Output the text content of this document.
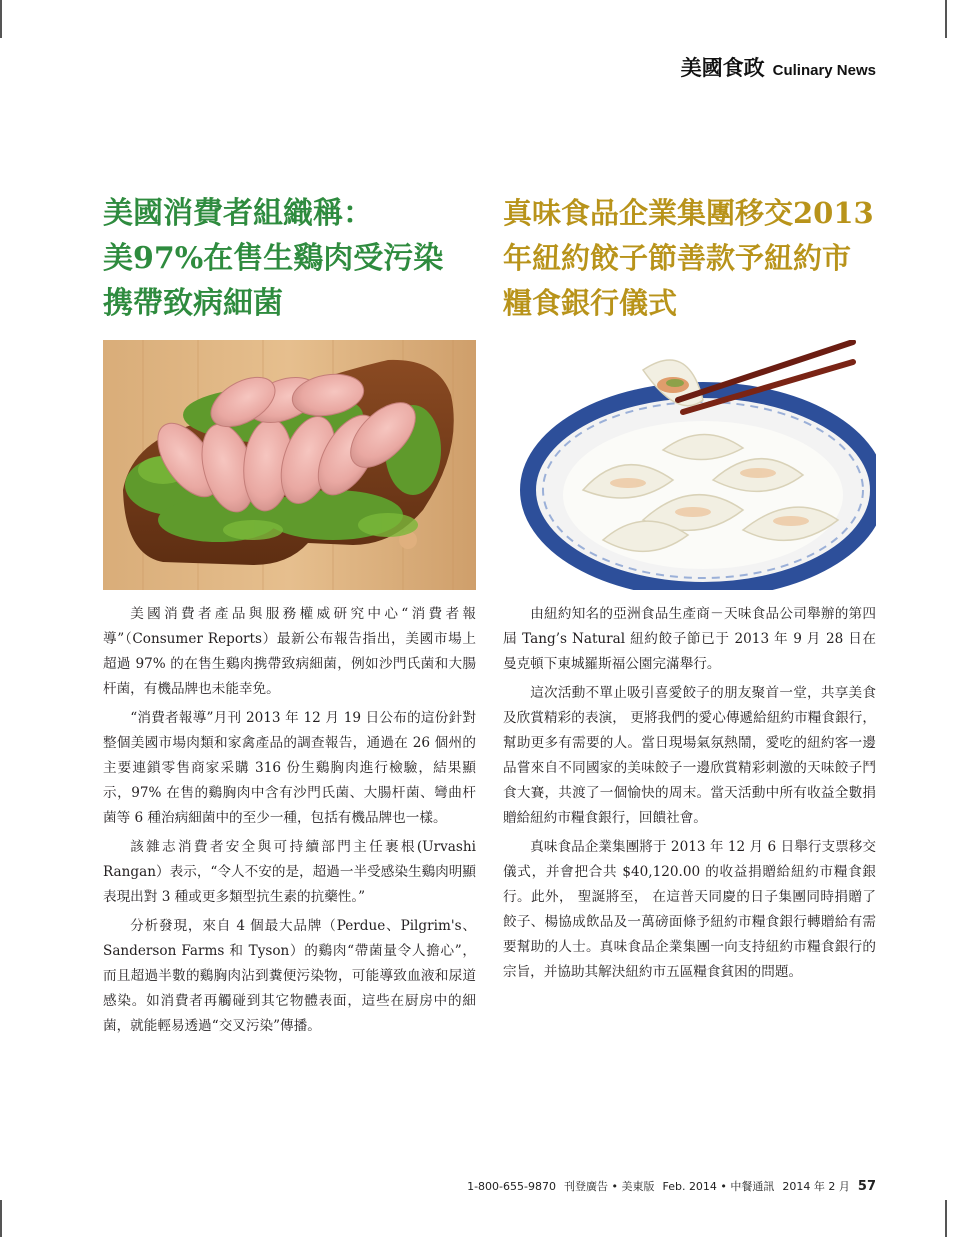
美國食政 Culinary News
美國消費者組織稱：
美97%在售生鷄肉受污染
携帶致病細菌
真味食品企業集團移交2013
年紐約餃子節善款予紐約市
糧食銀行儀式

美國消費者產品與服務權威研究中心“消費者報導”（Consumer Reports）最新公布報告指出，美國市場上超過 97% 的在售生鷄肉携帶致病細菌，例如沙門氏菌和大腸杆菌，有機品牌也未能幸免。

“消費者報導”月刊 2013 年 12 月 19 日公布的這份針對整個美國市場肉類和家禽產品的調查報告，通過在 26 個州的主要連鎖零售商家采購 316 份生鷄胸肉進行檢驗，結果顯示，97% 在售的鷄胸肉中含有沙門氏菌、大腸杆菌、彎曲杆菌等 6 種治病細菌中的至少一種，包括有機品牌也一樣。

該雜志消費者安全與可持續部門主任裹根(Urvashi Rangan）表示，“令人不安的是，超過一半受感染生鷄肉明顯表現出對 3 種或更多類型抗生素的抗藥性。”

分析發現，來自 4 個最大品牌（Perdue、Pilgrim's、Sanderson Farms 和 Tyson）的鷄肉“帶菌量令人擔心”，而且超過半數的鷄胸肉沾到糞便污染物，可能導致血液和尿道感染。如消費者再觸碰到其它物體表面，這些在厨房中的細菌，就能輕易透過“交叉污染”傳播。

由紐約知名的亞洲食品生產商－天味食品公司舉辦的第四屆 Tang’s Natural 紐約餃子節已于 2013 年 9 月 28 日在曼克頓下東城羅斯福公園完滿舉行。

這次活動不單止吸引喜愛餃子的朋友聚首一堂，共享美食及欣賞精彩的表演， 更將我們的愛心傳遞給紐約市糧食銀行，幫助更多有需要的人。當日現場氣氛熱鬧，愛吃的紐約客一邊品嘗來自不同國家的美味餃子一邊欣賞精彩刺激的天味餃子鬥食大賽，共渡了一個愉快的周末。當天活動中所有收益全數捐贈給紐約市糧食銀行，回饋社會。

真味食品企業集團將于 2013 年 12 月 6 日舉行支票移交儀式，并會把合共 $40,120.00 的收益捐贈給紐約市糧食銀行。此外， 聖誕將至， 在這普天同慶的日子集團同時捐贈了餃子、楊協成飲品及一萬磅面條予紐約市糧食銀行轉贈給有需要幫助的人士。真味食品企業集團一向支持紐約市糧食銀行的宗旨，并協助其解決紐約市五區糧食貧困的問題。

1-800-655-9870 刊登廣告 • 美東版 Feb. 2014 • 中餐通訊 2014 年 2 月 57
